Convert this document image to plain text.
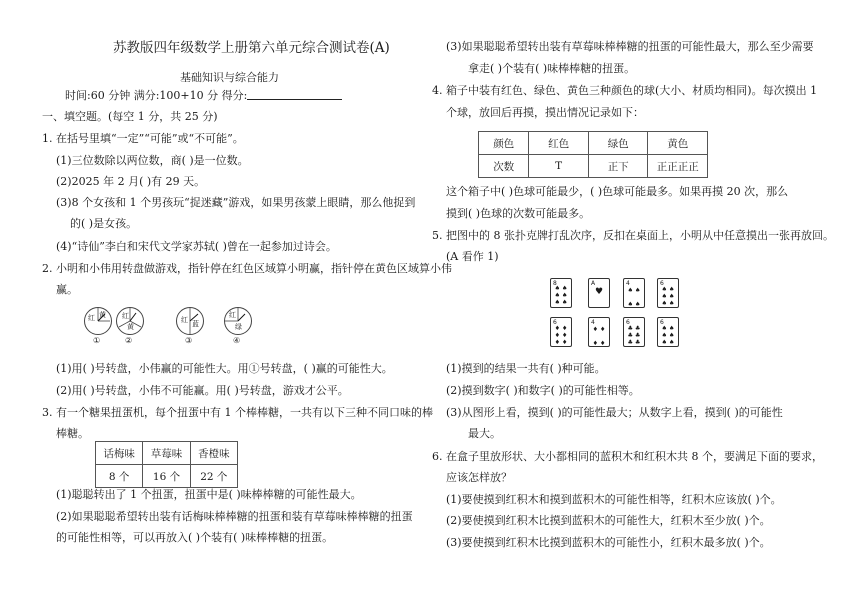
苏教版四年级数学上册第六单元综合测试卷(A)
基础知识与综合能力
时间:60 分钟 满分:100+10 分 得分:
一、填空题。(每空 1 分，共 25 分)
1. 在括号里填“一定”“可能”或“不可能”。
(1)三位数除以两位数，商( )是一位数。
(2)2025 年 2 月( )有 29 天。
(3)8 个女孩和 1 个男孩玩“捉迷藏”游戏，如果男孩蒙上眼睛，那么他捉到
的( )是女孩。
(4)“诗仙”李白和宋代文学家苏轼( )曾在一起参加过诗会。
2. 小明和小伟用转盘做游戏，指针停在红色区域算小明赢，指针停在黄色区域算小伟
赢。
红 黄
①
红
黄
②
红 蓝
③
红
绿
④
(1)用( )号转盘，小伟赢的可能性大。用①号转盘，( )赢的可能性大。
(2)用( )号转盘，小伟不可能赢。用( )号转盘，游戏才公平。
3. 有一个糖果扭蛋机，每个扭蛋中有 1 个棒棒糖，一共有以下三种不同口味的棒
棒糖。
话梅味	草莓味	香橙味
8 个	16 个	22 个
(1)聪聪转出了 1 个扭蛋，扭蛋中是( )味棒棒糖的可能性最大。
(2)如果聪聪希望转出装有话梅味棒棒糖的扭蛋和装有草莓味棒棒糖的扭蛋
的可能性相等，可以再放入( )个装有( )味棒棒糖的扭蛋。
(3)如果聪聪希望转出装有草莓味棒棒糖的扭蛋的可能性最大，那么至少需要
拿走( )个装有( )味棒棒糖的扭蛋。
4. 箱子中装有红色、绿色、黄色三种颜色的球(大小、材质均相同)。每次摸出 1
个球，放回后再摸，摸出情况记录如下：
颜色	红色	绿色	黄色
次数	T	正下	正正正正
这个箱子中( )色球可能最少，( )色球可能最多。如果再摸 20 次，那么
摸到( )色球的次数可能最多。
5. 把图中的 8 张扑克牌打乱次序，反扣在桌面上，小明从中任意摸出一张再放回。
(A 看作 1)
8
♠ ♠
♠ ♠
♠ ♠
A
♥
4
♠ ♠

♠ ♠
6
♠ ♠
♠ ♠
♠ ♠
6
♦ ♦
♦ ♦
♦ ♦
4
♦ ♦

♦ ♦
6
♣ ♣
♣ ♣
♣ ♣
6
♠ ♠
♠ ♠
♠ ♠
(1)摸到的结果一共有( )种可能。
(2)摸到数字( )和数字( )的可能性相等。
(3)从图形上看，摸到( )的可能性最大；从数字上看，摸到( )的可能性
最大。
6. 在盒子里放形状、大小都相同的蓝积木和红积木共 8 个，要满足下面的要求，
应该怎样放？
(1)要使摸到红积木和摸到蓝积木的可能性相等，红积木应该放( )个。
(2)要使摸到红积木比摸到蓝积木的可能性大，红积木至少放( )个。
(3)要使摸到红积木比摸到蓝积木的可能性小，红积木最多放( )个。
